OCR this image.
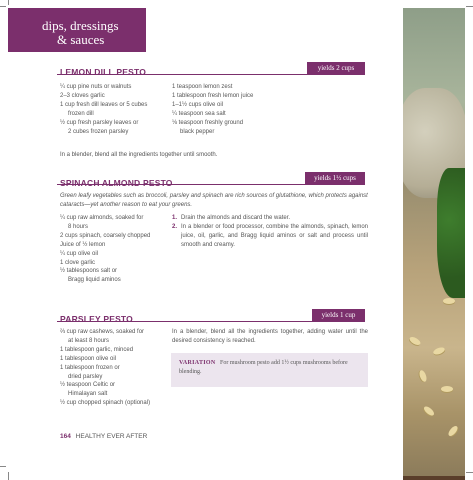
dips, dressings
& sauces
yields 2 cups
LEMON DILL PESTO
¼ cup pine nuts or walnuts
2–3 cloves garlic
1 cup fresh dill leaves or 5 cubes
frozen dill
½ cup fresh parsley leaves or
2 cubes frozen parsley
1 teaspoon lemon zest
1 tablespoon fresh lemon juice
1–1½ cups olive oil
¼ teaspoon sea salt
⅛ teaspoon freshly ground
black pepper

In a blender, blend all the ingredients together until smooth.

yields 1½ cups
SPINACH ALMOND PESTO

Green leafy vegetables such as broccoli, parsley and spinach are rich sources of glutathione, which protects against cataracts—yet another reason to eat your greens.

¼ cup raw almonds, soaked for
8 hours
2 cups spinach, coarsely chopped
Juice of ½ lemon
¼ cup olive oil
1 clove garlic
½ tablespoons salt or
Bragg liquid aminos
1. Drain the almonds and discard the water.
2. In a blender or food processor, combine the almonds, spinach, lemon juice, oil, garlic, and Bragg liquid aminos or salt and process until smooth and creamy.
yields 1 cup
PARSLEY PESTO
⅔ cup raw cashews, soaked for
at least 8 hours
1 tablespoon garlic, minced
1 tablespoon olive oil
1 tablespoon frozen or
dried parsley
½ teaspoon Celtic or
Himalayan salt
½ cup chopped spinach (optional)

In a blender, blend all the ingredients together, adding water until the desired consistency is reached.

VARIATION For mushroom pesto add 1½ cups mushrooms before blending.
164 HEALTHY EVER AFTER
